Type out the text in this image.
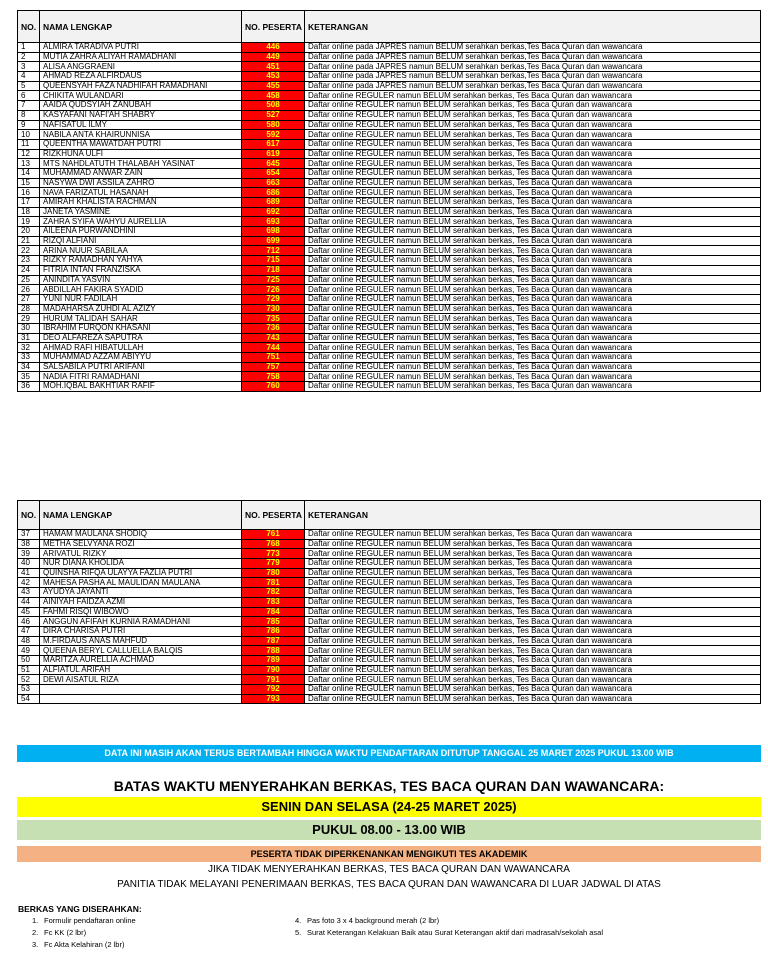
NO.	NAMA LENGKAP	NO. PESERTA	KETERANGAN
1	ALMIRA TARADIVA PUTRI	446	Daftar online pada JAPRES namun BELUM serahkan berkas,Tes Baca Quran dan wawancara
2	MUTIA ZAHRA ALIYAH RAMADHANI	449	Daftar online pada JAPRES namun BELUM serahkan berkas,Tes Baca Quran dan wawancara
3	ALISA ANGGRAENI	451	Daftar online pada JAPRES namun BELUM serahkan berkas,Tes Baca Quran dan wawancara
4	AHMAD REZA ALFIRDAUS	453	Daftar online pada JAPRES namun BELUM serahkan berkas,Tes Baca Quran dan wawancara
5	QUEENSYAH FAZA NADHIFAH RAMADHANI	455	Daftar online pada JAPRES namun BELUM serahkan berkas,Tes Baca Quran dan wawancara
6	CHIKITA WULANDARI	458	Daftar online REGULER namun BELUM serahkan berkas, Tes Baca Quran dan wawancara
7	AAIDA QUDSYIAH ZANUBAH	508	Daftar online REGULER namun BELUM serahkan berkas, Tes Baca Quran dan wawancara
8	KASYAFANI NAFI'AH SHABRY	527	Daftar online REGULER namun BELUM serahkan berkas, Tes Baca Quran dan wawancara
9	NAFISATUL ILMY	580	Daftar online REGULER namun BELUM serahkan berkas, Tes Baca Quran dan wawancara
10	NABILA ANTA KHAIRUNNISA	592	Daftar online REGULER namun BELUM serahkan berkas, Tes Baca Quran dan wawancara
11	QUEENTHA MAWATDAH PUTRI	617	Daftar online REGULER namun BELUM serahkan berkas, Tes Baca Quran dan wawancara
12	RIZKHUNA ULFI	619	Daftar online REGULER namun BELUM serahkan berkas, Tes Baca Quran dan wawancara
13	MTS NAHDLATUTH THALABAH YASINAT	645	Daftar online REGULER namun BELUM serahkan berkas, Tes Baca Quran dan wawancara
14	MUHAMMAD ANWAR ZAIN	654	Daftar online REGULER namun BELUM serahkan berkas, Tes Baca Quran dan wawancara
15	NASYWA DWI ASSILA ZAHRO	663	Daftar online REGULER namun BELUM serahkan berkas, Tes Baca Quran dan wawancara
16	NAVA FARIZATUL HASANAH	686	Daftar online REGULER namun BELUM serahkan berkas, Tes Baca Quran dan wawancara
17	AMIRAH KHALISTA RACHMAN	689	Daftar online REGULER namun BELUM serahkan berkas, Tes Baca Quran dan wawancara
18	JANETA YASMINE	692	Daftar online REGULER namun BELUM serahkan berkas, Tes Baca Quran dan wawancara
19	ZAHRA SYIFA WAHYU AURELLIA	693	Daftar online REGULER namun BELUM serahkan berkas, Tes Baca Quran dan wawancara
20	AILEENA PURWANDHINI	698	Daftar online REGULER namun BELUM serahkan berkas, Tes Baca Quran dan wawancara
21	RIZQI ALFIANI	699	Daftar online REGULER namun BELUM serahkan berkas, Tes Baca Quran dan wawancara
22	ARINA NUUR SABILAA	712	Daftar online REGULER namun BELUM serahkan berkas, Tes Baca Quran dan wawancara
23	RIZKY RAMADHAN YAHYA	715	Daftar online REGULER namun BELUM serahkan berkas, Tes Baca Quran dan wawancara
24	FITRIA INTAN FRANZISKA	718	Daftar online REGULER namun BELUM serahkan berkas, Tes Baca Quran dan wawancara
25	ANINDITA YASVIN	725	Daftar online REGULER namun BELUM serahkan berkas, Tes Baca Quran dan wawancara
26	ABDILLAH FAKIRA SYADID	726	Daftar online REGULER namun BELUM serahkan berkas, Tes Baca Quran dan wawancara
27	YUNI NUR FADILAH	729	Daftar online REGULER namun BELUM serahkan berkas, Tes Baca Quran dan wawancara
28	MADAHARSA ZUHDI AL AZIZY	730	Daftar online REGULER namun BELUM serahkan berkas, Tes Baca Quran dan wawancara
29	HURUM TALIDAH SAHAR	735	Daftar online REGULER namun BELUM serahkan berkas, Tes Baca Quran dan wawancara
30	IBRAHIM FURQON KHASANI	736	Daftar online REGULER namun BELUM serahkan berkas, Tes Baca Quran dan wawancara
31	DEO ALFAREZA SAPUTRA	743	Daftar online REGULER namun BELUM serahkan berkas, Tes Baca Quran dan wawancara
32	AHMAD RAFI HIBATULLAH	744	Daftar online REGULER namun BELUM serahkan berkas, Tes Baca Quran dan wawancara
33	MUHAMMAD AZZAM ABIYYU	751	Daftar online REGULER namun BELUM serahkan berkas, Tes Baca Quran dan wawancara
34	SALSABILA PUTRI ARIFANI	757	Daftar online REGULER namun BELUM serahkan berkas, Tes Baca Quran dan wawancara
35	NADIA FITRI RAMADHANI	758	Daftar online REGULER namun BELUM serahkan berkas, Tes Baca Quran dan wawancara
36	MOH.IQBAL BAKHTIAR RAFIF	760	Daftar online REGULER namun BELUM serahkan berkas, Tes Baca Quran dan wawancara
NO.	NAMA LENGKAP	NO. PESERTA	KETERANGAN
37	HAMAM MAULANA SHODIQ	761	Daftar online REGULER namun BELUM serahkan berkas, Tes Baca Quran dan wawancara
38	METHA SELVYANA ROZI	768	Daftar online REGULER namun BELUM serahkan berkas, Tes Baca Quran dan wawancara
39	ARIVATUL RIZKY	773	Daftar online REGULER namun BELUM serahkan berkas, Tes Baca Quran dan wawancara
40	NUR DIANA KHOLIDA	779	Daftar online REGULER namun BELUM serahkan berkas, Tes Baca Quran dan wawancara
41	QUINSHA RIFQA ULAYYA FAZLIA PUTRI	780	Daftar online REGULER namun BELUM serahkan berkas, Tes Baca Quran dan wawancara
42	MAHESA PASHA AL MAULIDAN MAULANA	781	Daftar online REGULER namun BELUM serahkan berkas, Tes Baca Quran dan wawancara
43	AYUDYA JAYANTI	782	Daftar online REGULER namun BELUM serahkan berkas, Tes Baca Quran dan wawancara
44	AINIYAH FAIDZA AZMI	783	Daftar online REGULER namun BELUM serahkan berkas, Tes Baca Quran dan wawancara
45	FAHMI RISQI WIBOWO	784	Daftar online REGULER namun BELUM serahkan berkas, Tes Baca Quran dan wawancara
46	ANGGUN AFIFAH KURNIA RAMADHANI	785	Daftar online REGULER namun BELUM serahkan berkas, Tes Baca Quran dan wawancara
47	DIRA CHARISA PUTRI	786	Daftar online REGULER namun BELUM serahkan berkas, Tes Baca Quran dan wawancara
48	M.FIRDAUS ANAS MAHFUD	787	Daftar online REGULER namun BELUM serahkan berkas, Tes Baca Quran dan wawancara
49	QUEENA BERYL CALLUELLA BALQIS	788	Daftar online REGULER namun BELUM serahkan berkas, Tes Baca Quran dan wawancara
50	MARITZA AURELLIA ACHMAD	789	Daftar online REGULER namun BELUM serahkan berkas, Tes Baca Quran dan wawancara
51	ALFIATUL ARIFAH	790	Daftar online REGULER namun BELUM serahkan berkas, Tes Baca Quran dan wawancara
52	DEWI AISATUL RIZA	791	Daftar online REGULER namun BELUM serahkan berkas, Tes Baca Quran dan wawancara
53		792	Daftar online REGULER namun BELUM serahkan berkas, Tes Baca Quran dan wawancara
54		793	Daftar online REGULER namun BELUM serahkan berkas, Tes Baca Quran dan wawancara
DATA INI MASIH AKAN TERUS BERTAMBAH HINGGA WAKTU PENDAFTARAN DITUTUP TANGGAL 25 MARET 2025 PUKUL 13.00 WIB
BATAS WAKTU MENYERAHKAN BERKAS, TES BACA QURAN DAN WAWANCARA:
SENIN DAN SELASA (24-25 MARET 2025)
PUKUL 08.00 - 13.00 WIB
PESERTA TIDAK DIPERKENANKAN MENGIKUTI TES AKADEMIK
JIKA TIDAK MENYERAHKAN BERKAS, TES BACA QURAN DAN WAWANCARA
PANITIA TIDAK MELAYANI PENERIMAAN BERKAS, TES BACA QURAN DAN WAWANCARA DI LUAR JADWAL DI ATAS
BERKAS YANG DISERAHKAN:
1. Formulir pendaftaran online
2. Fc KK (2 lbr)
3. Fc Akta Kelahiran (2 lbr)
4. Pas foto 3 x 4 background merah (2 lbr)
5. Surat Keterangan Kelakuan Baik atau Surat Keterangan aktif dari madrasah/sekolah asal
